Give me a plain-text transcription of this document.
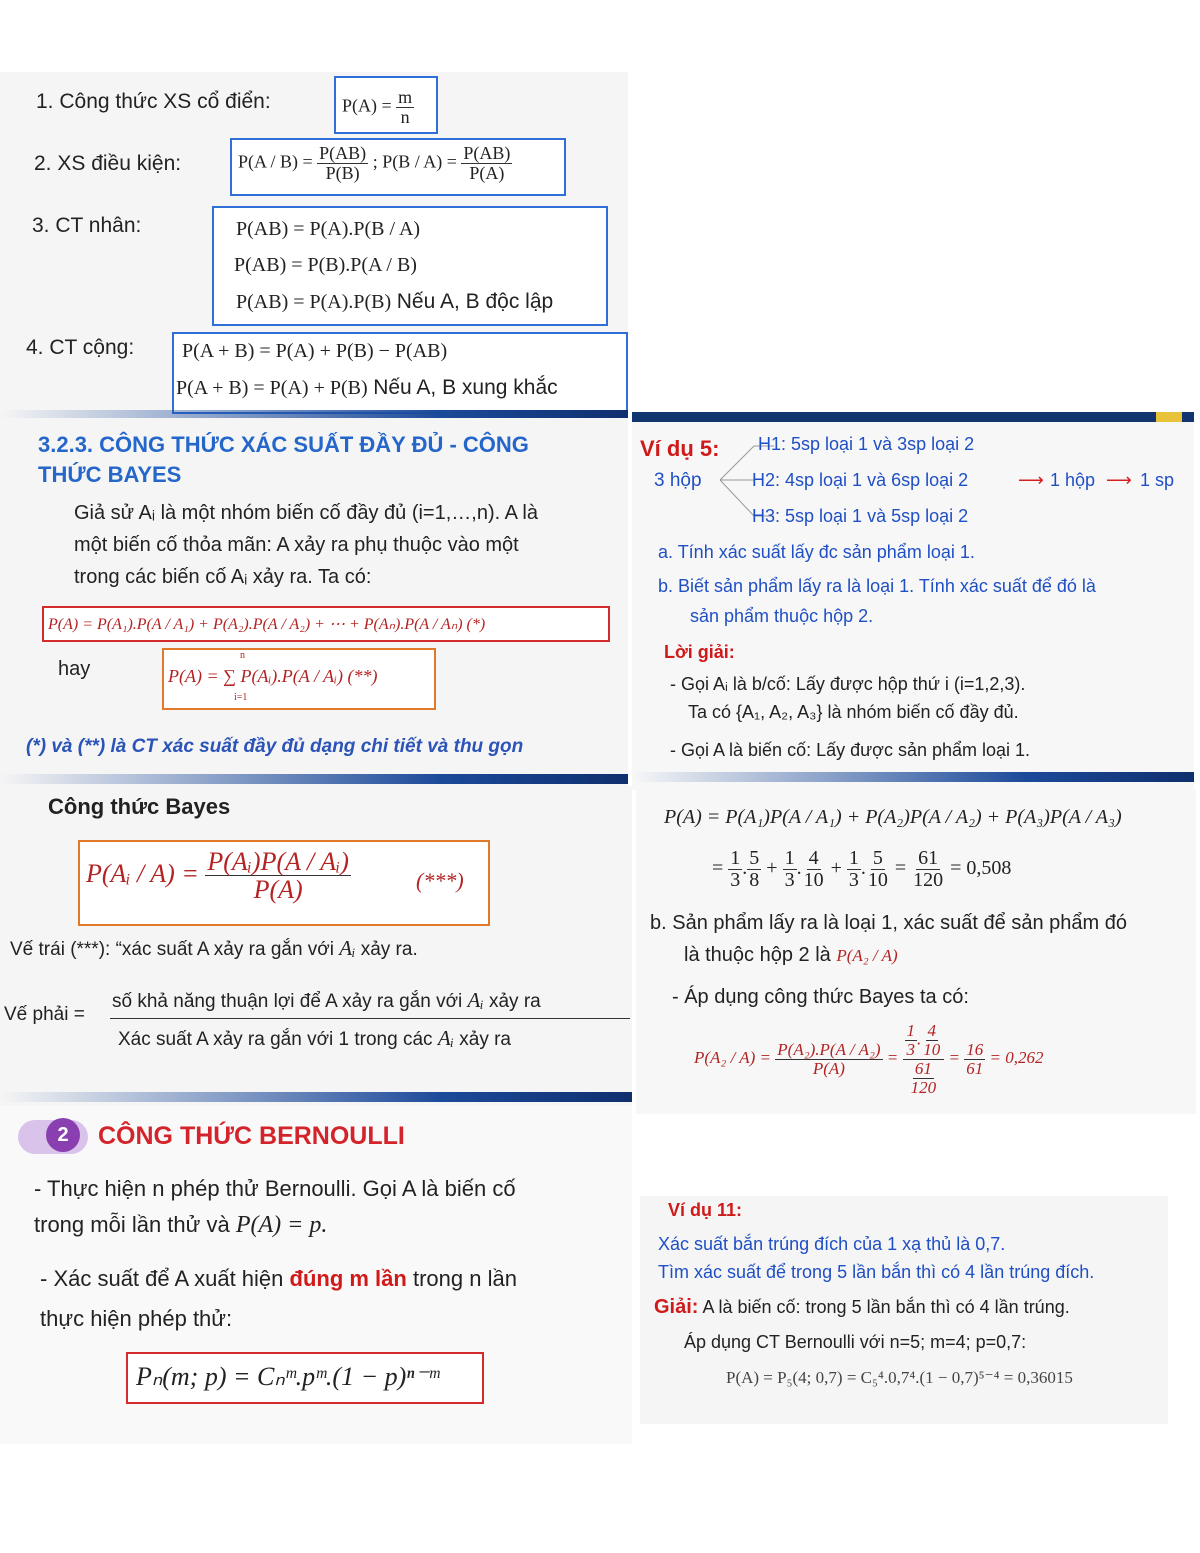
1. Công thức XS cổ điển:	$P(A) = \frac{m}{n}$
2. XS điều kiện:	$P(A / B) = \frac{P(AB)}{P(B)}$ ; $P(B / A) = \frac{P(AB)}{P(A)}$
3. CT nhân:	P(AB) = P(A).P(B / A)
P(AB) = P(B).P(A / B)
P(AB) = P(A).P(B) Nếu A, B độc lập
4. CT cộng: P(A + B) = P(A) + P(B) − P(AB)
P(A + B) = P(A) + P(B) Nếu A, B xung khắc
3.2.3. CÔNG THỨC XÁC SUẤT ĐẦY ĐỦ - CÔNG
THỨC BAYES
Giả sử Aᵢ là một nhóm biến cố đầy đủ (i=1,…,n). A là
một biến cố thỏa mãn: A xảy ra phụ thuộc vào một
trong các biến cố Aᵢ xảy ra. Ta có:
P(A) = P(A₁).P(A / A₁) + P(A₂).P(A / A₂) + ⋯ + P(Aₙ).P(A / Aₙ) (*)
hay
n
P(A) = ∑ P(Aᵢ).P(A / Aᵢ) (**)
i=1
(*) và (**) là CT xác suất đầy đủ dạng chi tiết và thu gọn
Ví dụ 5:
3 hộp
H1: 5sp loại 1 và 3sp loại 2
H2: 4sp loại 1 và 6sp loại 2
H3: 5sp loại 1 và 5sp loại 2
⟶ 1 hộp ⟶ 1 sp
a. Tính xác suất lấy đc sản phẩm loại 1.
b. Biết sản phẩm lấy ra là loại 1. Tính xác suất để đó là
sản phẩm thuộc hộp 2.
Lời giải:
- Gọi Aᵢ là b/cố: Lấy được hộp thứ i (i=1,2,3).
Ta có {A₁, A₂, A₃} là nhóm biến cố đầy đủ.
- Gọi A là biến cố: Lấy được sản phẩm loại 1.
Công thức Bayes
P(Aᵢ / $A) = \frac{\text{P(Aᵢ)P(A / Aᵢ)}}{P(A)}$	(***)
Vế trái (***): “xác suất A xảy ra gắn với Aᵢ xảy ra.
Vế phải =
số khả năng thuận lợi để A xảy ra gắn với Aᵢ xảy ra
Xác suất A xảy ra gắn với 1 trong các Aᵢ xảy ra
P(A) = P(A₁)P(A / A₁) + P(A₂)P(A / A₂) + P(A₃)P(A / A₃)
= $\frac{1}{3}$ . $\frac{5}{8} + \frac{1}{3}$ . $\frac{4}{10} + \frac{1}{3}$ . $\frac{5}{10} = \frac{61}{120} = 0,508$
b. Sản phẩm lấy ra là loại 1, xác suất để sản phẩm đó
là thuộc hộp 2 là P(A₂ / A)
- Áp dụng công thức Bayes ta có:
$P(A_2 / A) = \frac{\text{P(A₂).P(A / A₂)}}{P(A)} = \frac{\frac{1}{3} . \frac{4}{10}}{\frac{61}{120}} = \frac{16}{61} = 0,262$
2	CÔNG THỨC BERNOULLI
- Thực hiện n phép thử Bernoulli. Gọi A là biến cố
trong mỗi lần thử và P(A) = p.
- Xác suất để A xuất hiện đúng m lần trong n lần
thực hiện phép thử:
Pₙ(m; p) = Cₙᵐ.pᵐ.(1 − p)ⁿ⁻ᵐ
Ví dụ 11:
Xác suất bắn trúng đích của 1 xạ thủ là 0,7.
Tìm xác suất để trong 5 lần bắn thì có 4 lần trúng đích.
Giải: A là biến cố: trong 5 lần bắn thì có 4 lần trúng.
Áp dụng CT Bernoulli với n=5; m=4; p=0,7:
P(A) = P₅(4; 0,7) = C₅⁴.0,7⁴.(1 − 0,7)⁵⁻⁴ = 0,36015
